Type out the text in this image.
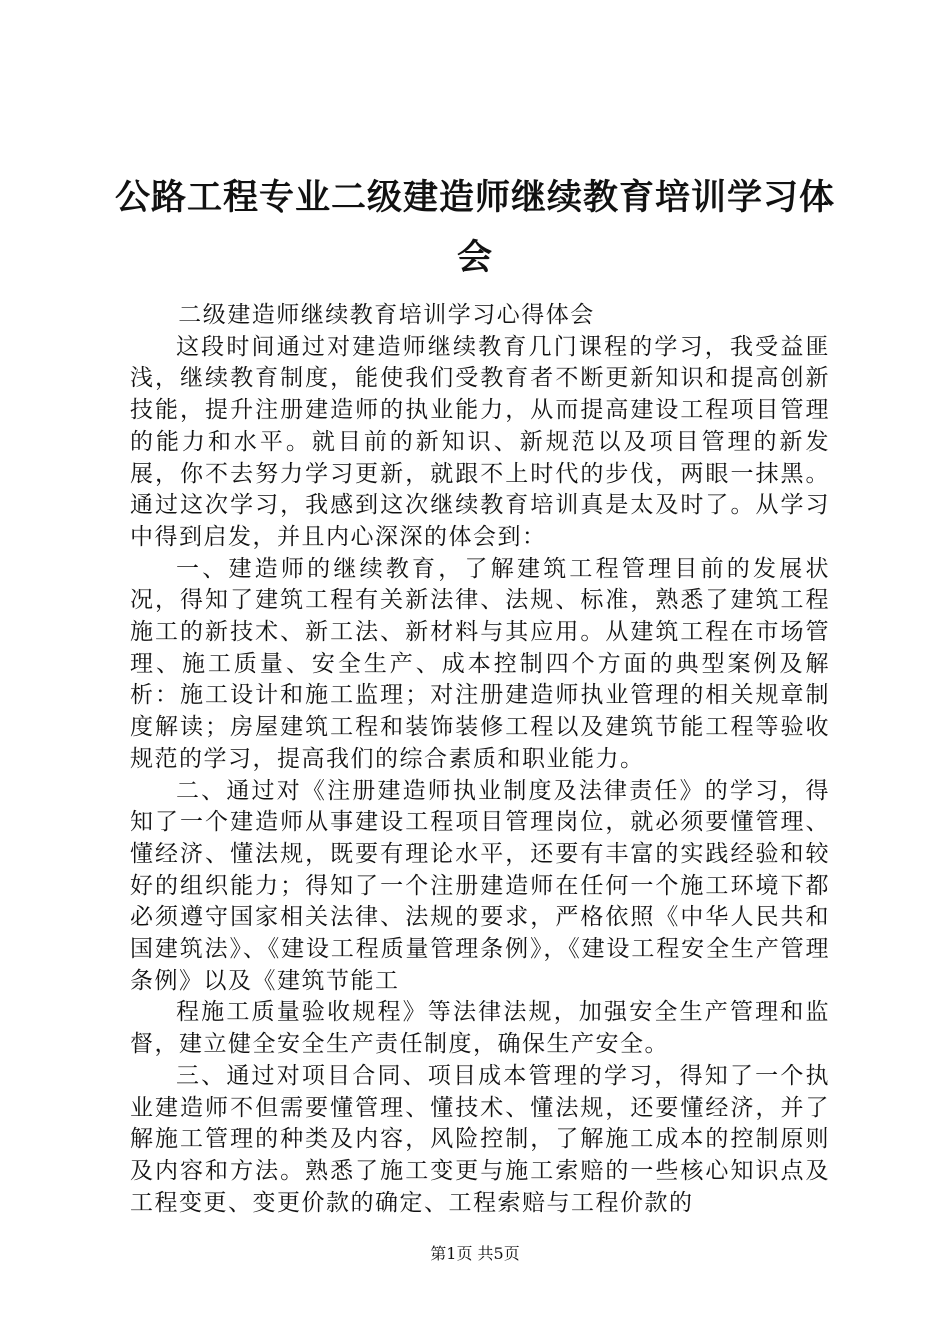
公路工程专业二级建造师继续教育培训学习体会

二级建造师继续教育培训学习心得体会

这段时间通过对建造师继续教育几门课程的学习，我受益匪浅，继续教育制度，能使我们受教育者不断更新知识和提高创新技能，提升注册建造师的执业能力，从而提高建设工程项目管理的能力和水平。就目前的新知识、新规范以及项目管理的新发展，你不去努力学习更新，就跟不上时代的步伐，两眼一抹黑。通过这次学习，我感到这次继续教育培训真是太及时了。从学习中得到启发，并且内心深深的体会到：

一、建造师的继续教育，了解建筑工程管理目前的发展状况，得知了建筑工程有关新法律、法规、标准，熟悉了建筑工程施工的新技术、新工法、新材料与其应用。从建筑工程在市场管理、施工质量、安全生产、成本控制四个方面的典型案例及解析：施工设计和施工监理；对注册建造师执业管理的相关规章制度解读；房屋建筑工程和装饰装修工程以及建筑节能工程等验收规范的学习，提高我们的综合素质和职业能力。

二、通过对《注册建造师执业制度及法律责任》的学习，得知了一个建造师从事建设工程项目管理岗位，就必须要懂管理、懂经济、懂法规，既要有理论水平，还要有丰富的实践经验和较好的组织能力；得知了一个注册建造师在任何一个施工环境下都必须遵守国家相关法律、法规的要求，严格依照《中华人民共和国建筑法》、《建设工程质量管理条例》，《建设工程安全生产管理条例》以及《建筑节能工

程施工质量验收规程》等法律法规，加强安全生产管理和监督，建立健全安全生产责任制度，确保生产安全。

三、通过对项目合同、项目成本管理的学习，得知了一个执业建造师不但需要懂管理、懂技术、懂法规，还要懂经济，并了解施工管理的种类及内容，风险控制，了解施工成本的控制原则及内容和方法。熟悉了施工变更与施工索赔的一些核心知识点及工程变更、变更价款的确定、工程索赔与工程价款的

第1页 共5页
